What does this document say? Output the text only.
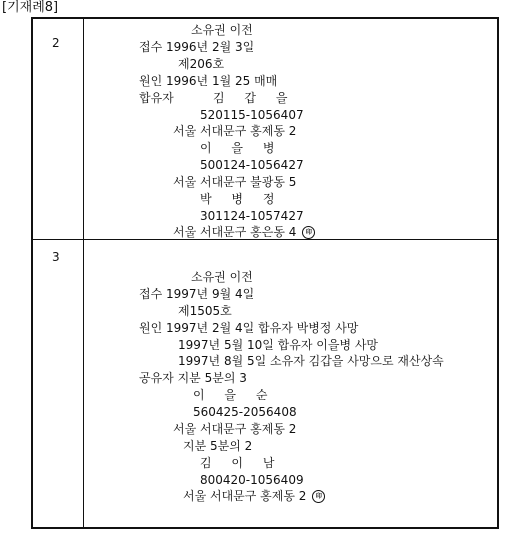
[기재례8]
2
소유권 이전
접수 1996년 2월 3일
제206호
원인 1996년 1월 25 매매
합유자	김 갑 을
520115-1056407
서울 서대문구 홍제동 2
이 을 병
500124-1056427
서울 서대문구 불광동 5
박 병 정
301124-1057427
서울 서대문구 홍은동 4 印
3
소유권 이전
접수 1997년 9월 4일
제1505호
원인 1997년 2월 4일 합유자 박병정 사망
1997년 5월 10일 합유자 이을병 사망
1997년 8월 5일 소유자 김갑을 사망으로 재산상속
공유자 지분 5분의 3
이 을 순
560425-2056408
서울 서대문구 홍제동 2
지분 5분의 2
김 이 남
800420-1056409
서울 서대문구 홍제동 2 印
